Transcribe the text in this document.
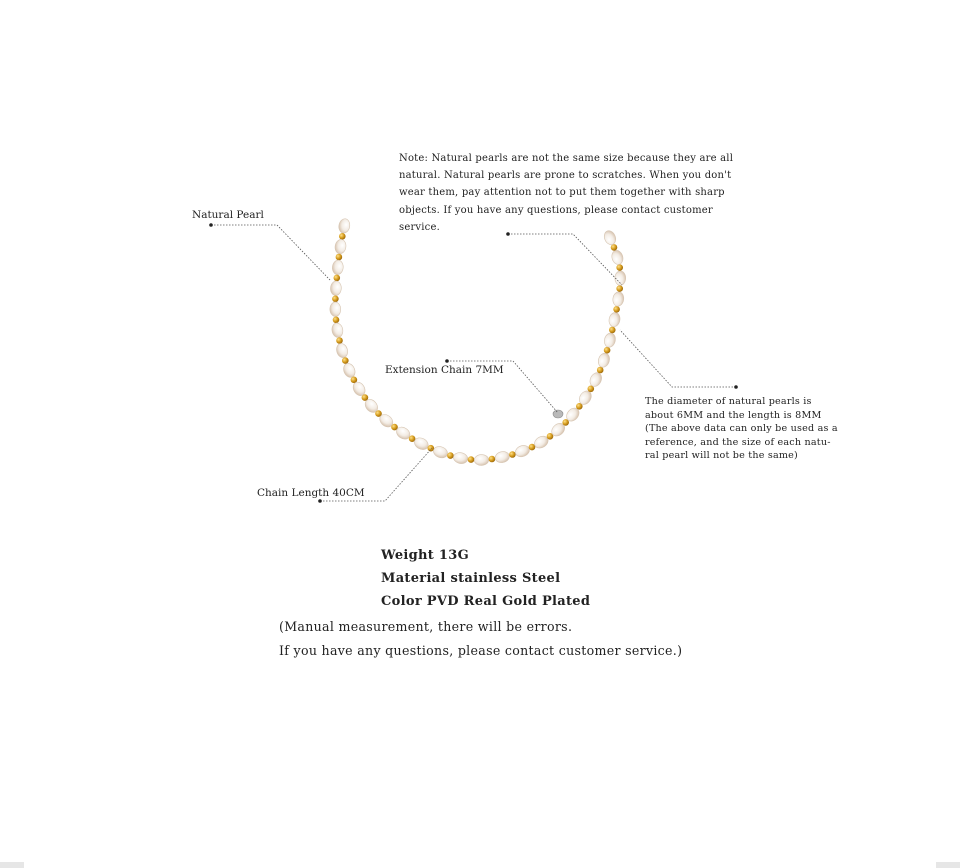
Note: Natural pearls are not the same size because they are all
natural. Natural pearls are prone to scratches. When you don't
wear them, pay attention not to put them together with sharp
objects. If you have any questions, please contact customer
service.
Natural Pearl
Extension Chain 7MM
Chain Length 40CM
The diameter of natural pearls is
about 6MM and the length is 8MM
(The above data can only be used as a
reference, and the size of each natu-
ral pearl will not be the same)
Weight 13G
Material stainless Steel
Color PVD Real Gold Plated
(Manual measurement, there will be errors.
If you have any questions, please contact customer service.)
